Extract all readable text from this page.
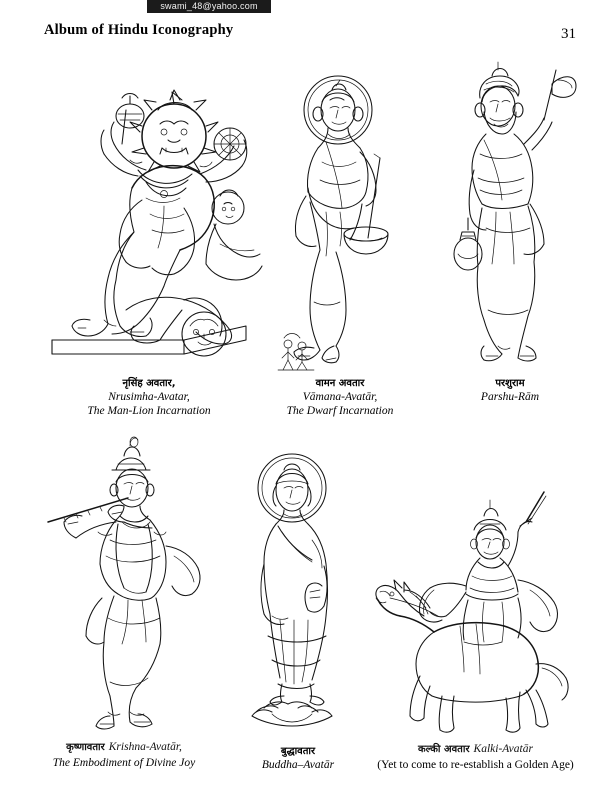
swami_48@yahoo.com
Album of Hindu Iconography	31
नृसिंह अवतार,
Nrusimha-Avatar,
The Man-Lion Incarnation
वामन अवतार
Vāmana-Avatār,
The Dwarf Incarnation
परशुराम
Parshu-Rām
कृष्णावतार Krishna-Avatār,
The Embodiment of Divine Joy
बुद्धावतार
Buddha–Avatār
कल्की अवतार Kalki-Avatār
(Yet to come to re-establish a Golden Age)
